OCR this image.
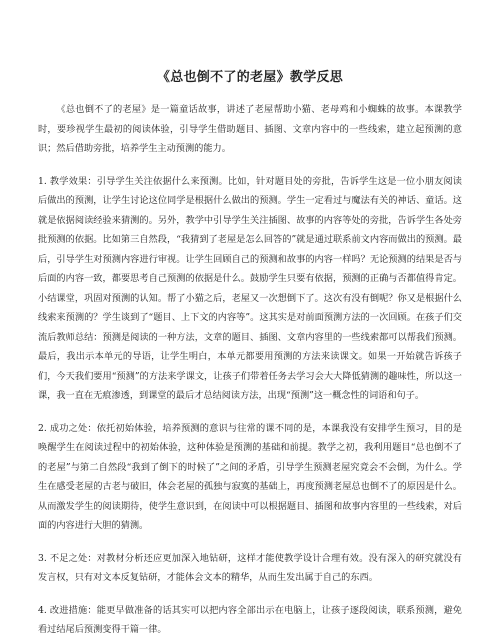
《总也倒不了的老屋》教学反思

《总也倒不了的老屋》是一篇童话故事，讲述了老屋帮助小猫、老母鸡和小蜘蛛的故事。本课教学时，要珍视学生最初的阅读体验，引导学生借助题目、插图、文章内容中的一些线索，建立起预测的意识；然后借助旁批，培养学生主动预测的能力。

1. 教学效果：引导学生关注依据什么来预测。比如，针对题目处的旁批，告诉学生这是一位小朋友阅读后做出的预测，让学生讨论这位同学是根据什么做出的预测。学生一定看过与魔法有关的神话、童话。这就是依据阅读经验来猜测的。另外，教学中引导学生关注插图、故事的内容等处的旁批，告诉学生各处旁批预测的依据。比如第三自然段，“我猜到了老屋是怎么回答的”就是通过联系前文内容而做出的预测。最后，引导学生对预测内容进行审视。让学生回顾自己的预测和故事的内容一样吗？无论预测的结果是否与后面的内容一致，都要思考自己预测的依据是什么。鼓励学生只要有依据，预测的正确与否都值得肯定。小结课堂，巩固对预测的认知。帮了小猫之后，老屋又一次想倒下了。这次有没有倒呢？你又是根据什么线索来预测的？学生谈到了“题目、上下文的内容等”。这其实是对前面预测方法的一次回顾。在孩子们交流后教师总结：预测是阅读的一种方法，文章的题目、插图、文章内容里的一些线索都可以帮我们预测。最后，我出示本单元的导语，让学生明白，本单元都要用预测的方法来读课文。如果一开始就告诉孩子们，今天我们要用“预测”的方法来学课文，让孩子们带着任务去学习会大大降低猜测的趣味性，所以这一课，我一直在无痕渗透，到课堂的最后才总结阅读方法，出现“预测”这一概念性的词语和句子。

2. 成功之处：依托初始体验，培养预测的意识与往常的课不同的是，本课我没有安排学生预习，目的是唤醒学生在阅读过程中的初始体验，这种体验是预测的基础和前提。教学之初，我利用题目“总也倒不了的老屋”与第二自然段“我到了倒下的时候了”之间的矛盾，引导学生预测老屋究竟会不会倒，为什么。学生在感受老屋的古老与破旧，体会老屋的孤独与寂寞的基础上，再度预测老屋总也倒不了的原因是什么。从而激发学生的阅读期待，使学生意识到，在阅读中可以根据题目、插图和故事内容里的一些线索，对后面的内容进行大胆的猜测。

3. 不足之处：对教材分析还应更加深入地钻研，这样才能使教学设计合理有效。没有深入的研究就没有发言权，只有对文本反复钻研，才能体会文本的精华，从而生发出属于自己的东西。

4. 改进措施：能更早做准备的话其实可以把内容全部出示在电脑上，让孩子逐段阅读，联系预测，避免看过结尾后预测变得干篇一律。
